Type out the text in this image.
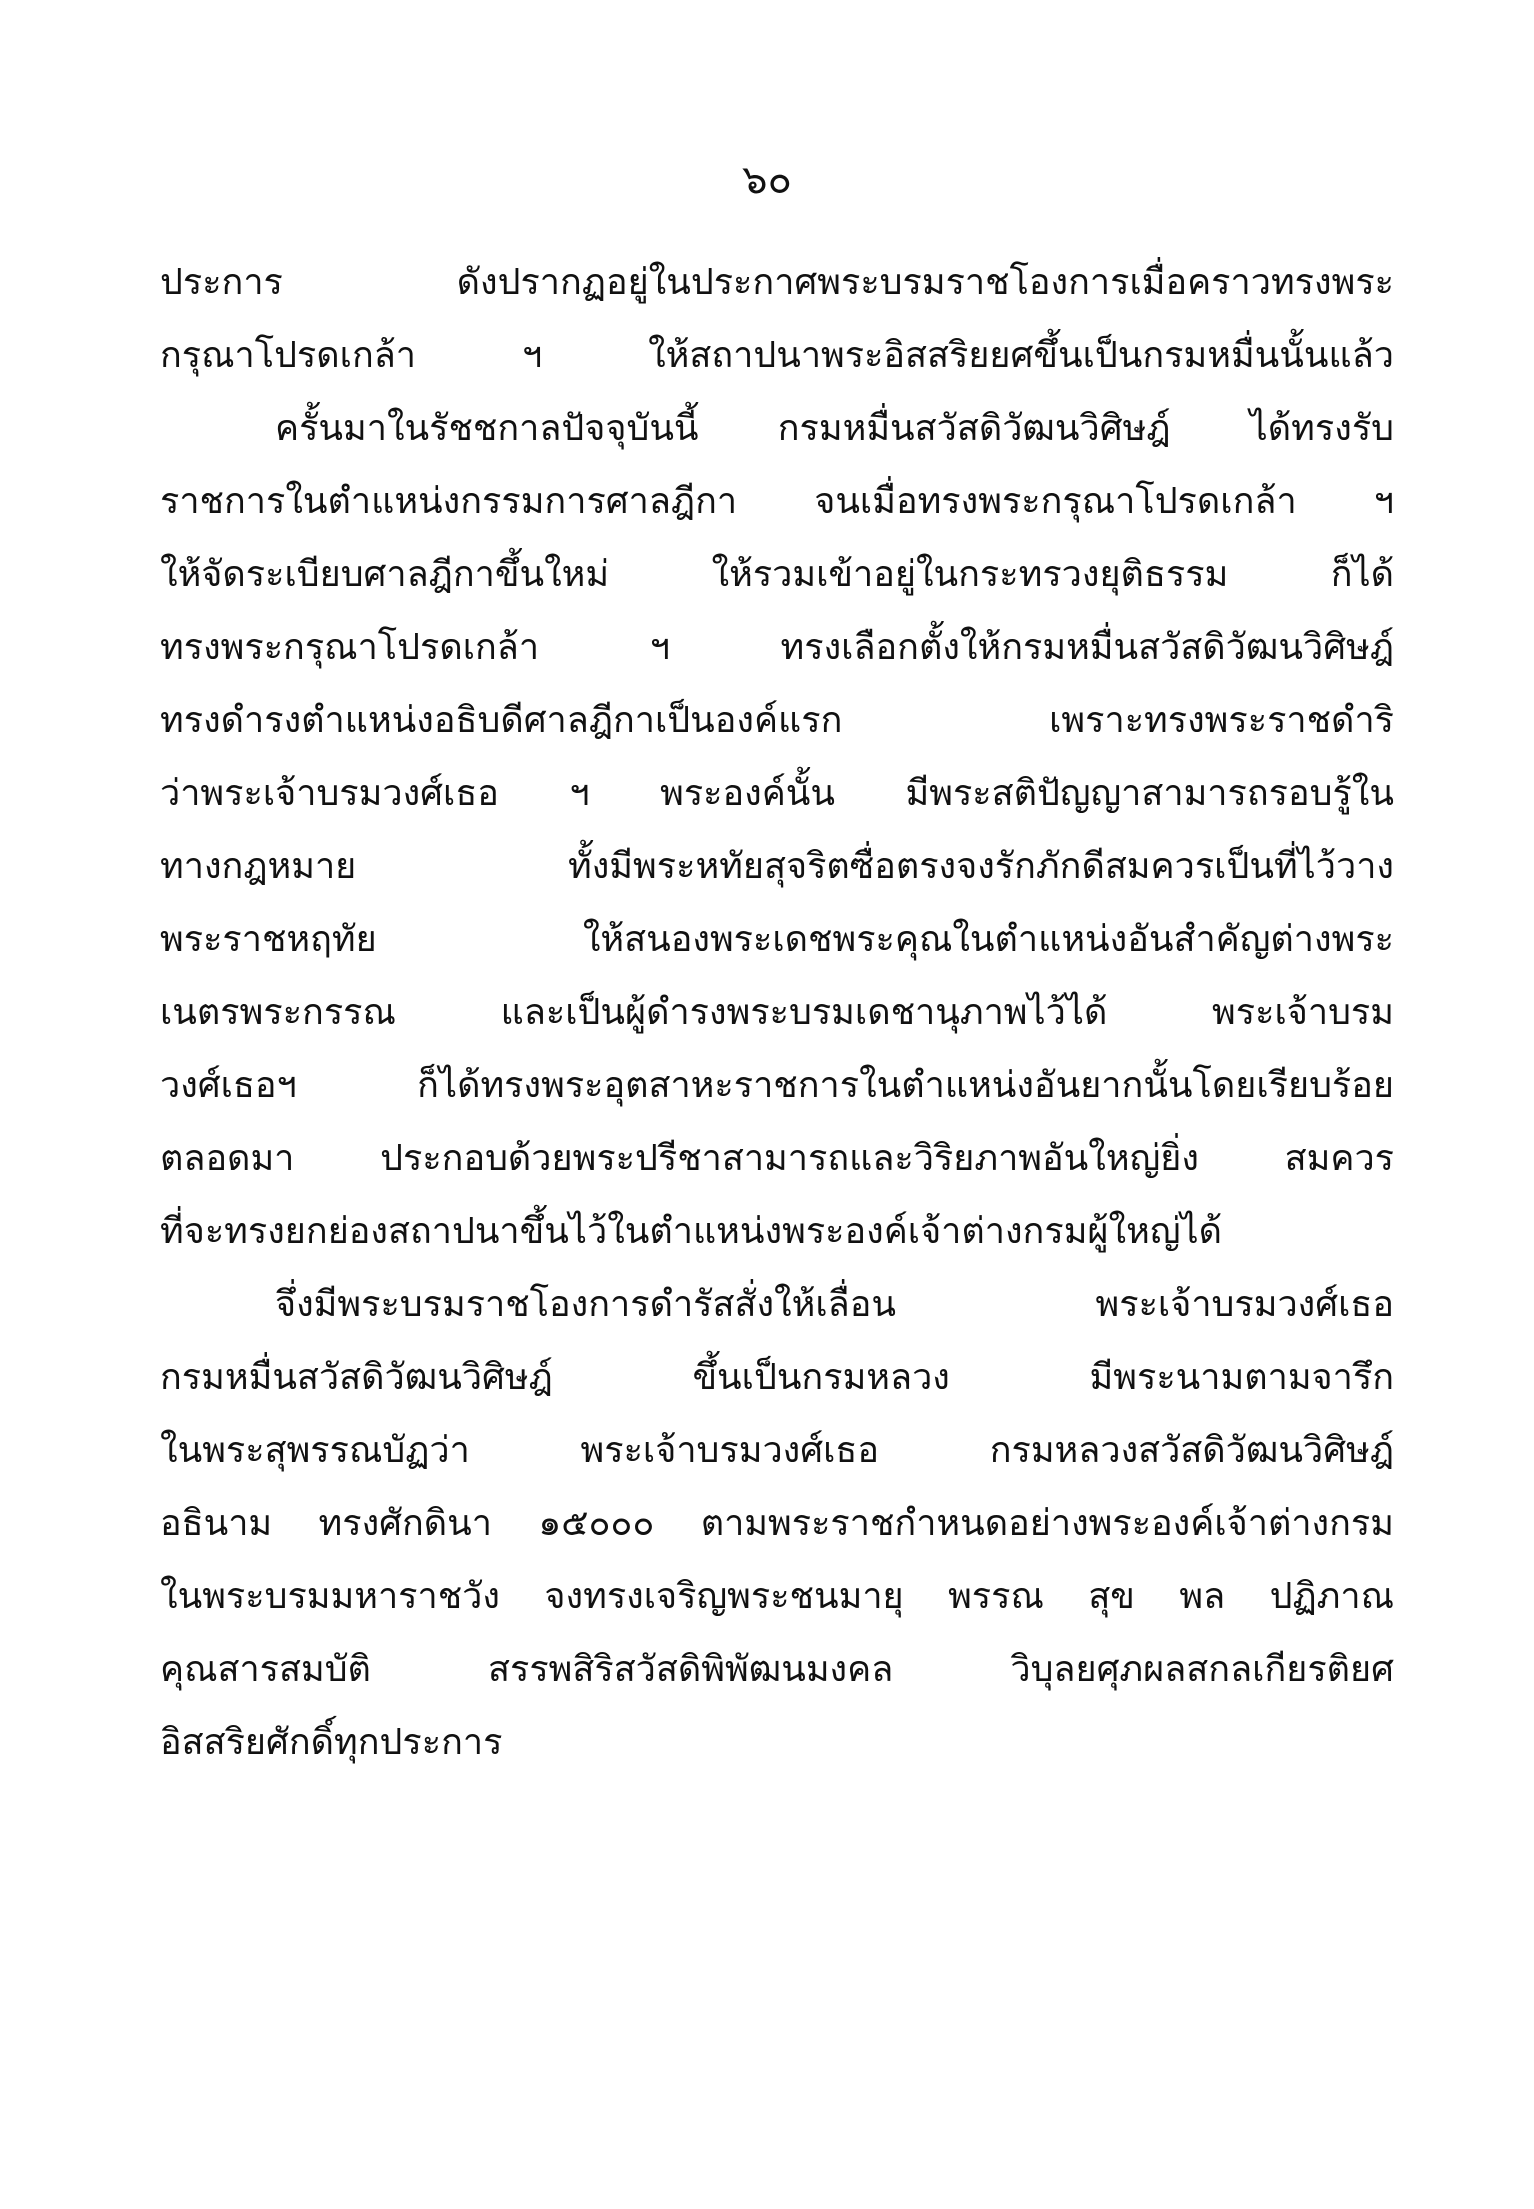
๖๐
ประการ ดังปรากฏอยู่ในประกาศพระบรมราชโองการเมื่อคราวทรงพระ
กรุณาโปรดเกล้า ฯ ให้สถาปนาพระอิสสริยยศขึ้นเป็นกรมหมื่นนั้นแล้ว
ครั้นมาในรัชชกาลปัจจุบันนี้ กรมหมื่นสวัสดิวัฒนวิศิษฎ์ ได้ทรงรับ
ราชการในตำแหน่งกรรมการศาลฎีกา จนเมื่อทรงพระกรุณาโปรดเกล้า ฯ
ให้จัดระเบียบศาลฎีกาขึ้นใหม่ ให้รวมเข้าอยู่ในกระทรวงยุติธรรม ก็ได้
ทรงพระกรุณาโปรดเกล้า ฯ ทรงเลือกตั้งให้กรมหมื่นสวัสดิวัฒนวิศิษฎ์
ทรงดำรงตำแหน่งอธิบดีศาลฎีกาเป็นองค์แรก เพราะทรงพระราชดำริ
ว่าพระเจ้าบรมวงศ์เธอ ฯ พระองค์นั้น มีพระสติปัญญาสามารถรอบรู้ใน
ทางกฎหมาย ทั้งมีพระหทัยสุจริตซื่อตรงจงรักภักดีสมควรเป็นที่ไว้วาง
พระราชหฤทัย ให้สนองพระเดชพระคุณในตำแหน่งอันสำคัญต่างพระ
เนตรพระกรรณ และเป็นผู้ดำรงพระบรมเดชานุภาพไว้ได้ พระเจ้าบรม
วงศ์เธอฯ ก็ได้ทรงพระอุตสาหะราชการในตำแหน่งอันยากนั้นโดยเรียบร้อย
ตลอดมา ประกอบด้วยพระปรีชาสามารถและวิริยภาพอันใหญ่ยิ่ง สมควร
ที่จะทรงยกย่องสถาปนาขึ้นไว้ในตำแหน่งพระองค์เจ้าต่างกรมผู้ใหญ่ได้
จึ่งมีพระบรมราชโองการดำรัสสั่งให้เลื่อน พระเจ้าบรมวงศ์เธอ
กรมหมื่นสวัสดิวัฒนวิศิษฎ์ ขึ้นเป็นกรมหลวง มีพระนามตามจารึก
ในพระสุพรรณบัฏว่า พระเจ้าบรมวงศ์เธอ กรมหลวงสวัสดิวัฒนวิศิษฎ์
อธินาม ทรงศักดินา ๑๕๐๐๐ ตามพระราชกำหนดอย่างพระองค์เจ้าต่างกรม
ในพระบรมมหาราชวัง จงทรงเจริญพระชนมายุ พรรณ สุข พล ปฏิภาณ
คุณสารสมบัติ สรรพสิริสวัสดิพิพัฒนมงคล วิบุลยศุภผลสกลเกียรติยศ
อิสสริยศักดิ์ทุกประการ
